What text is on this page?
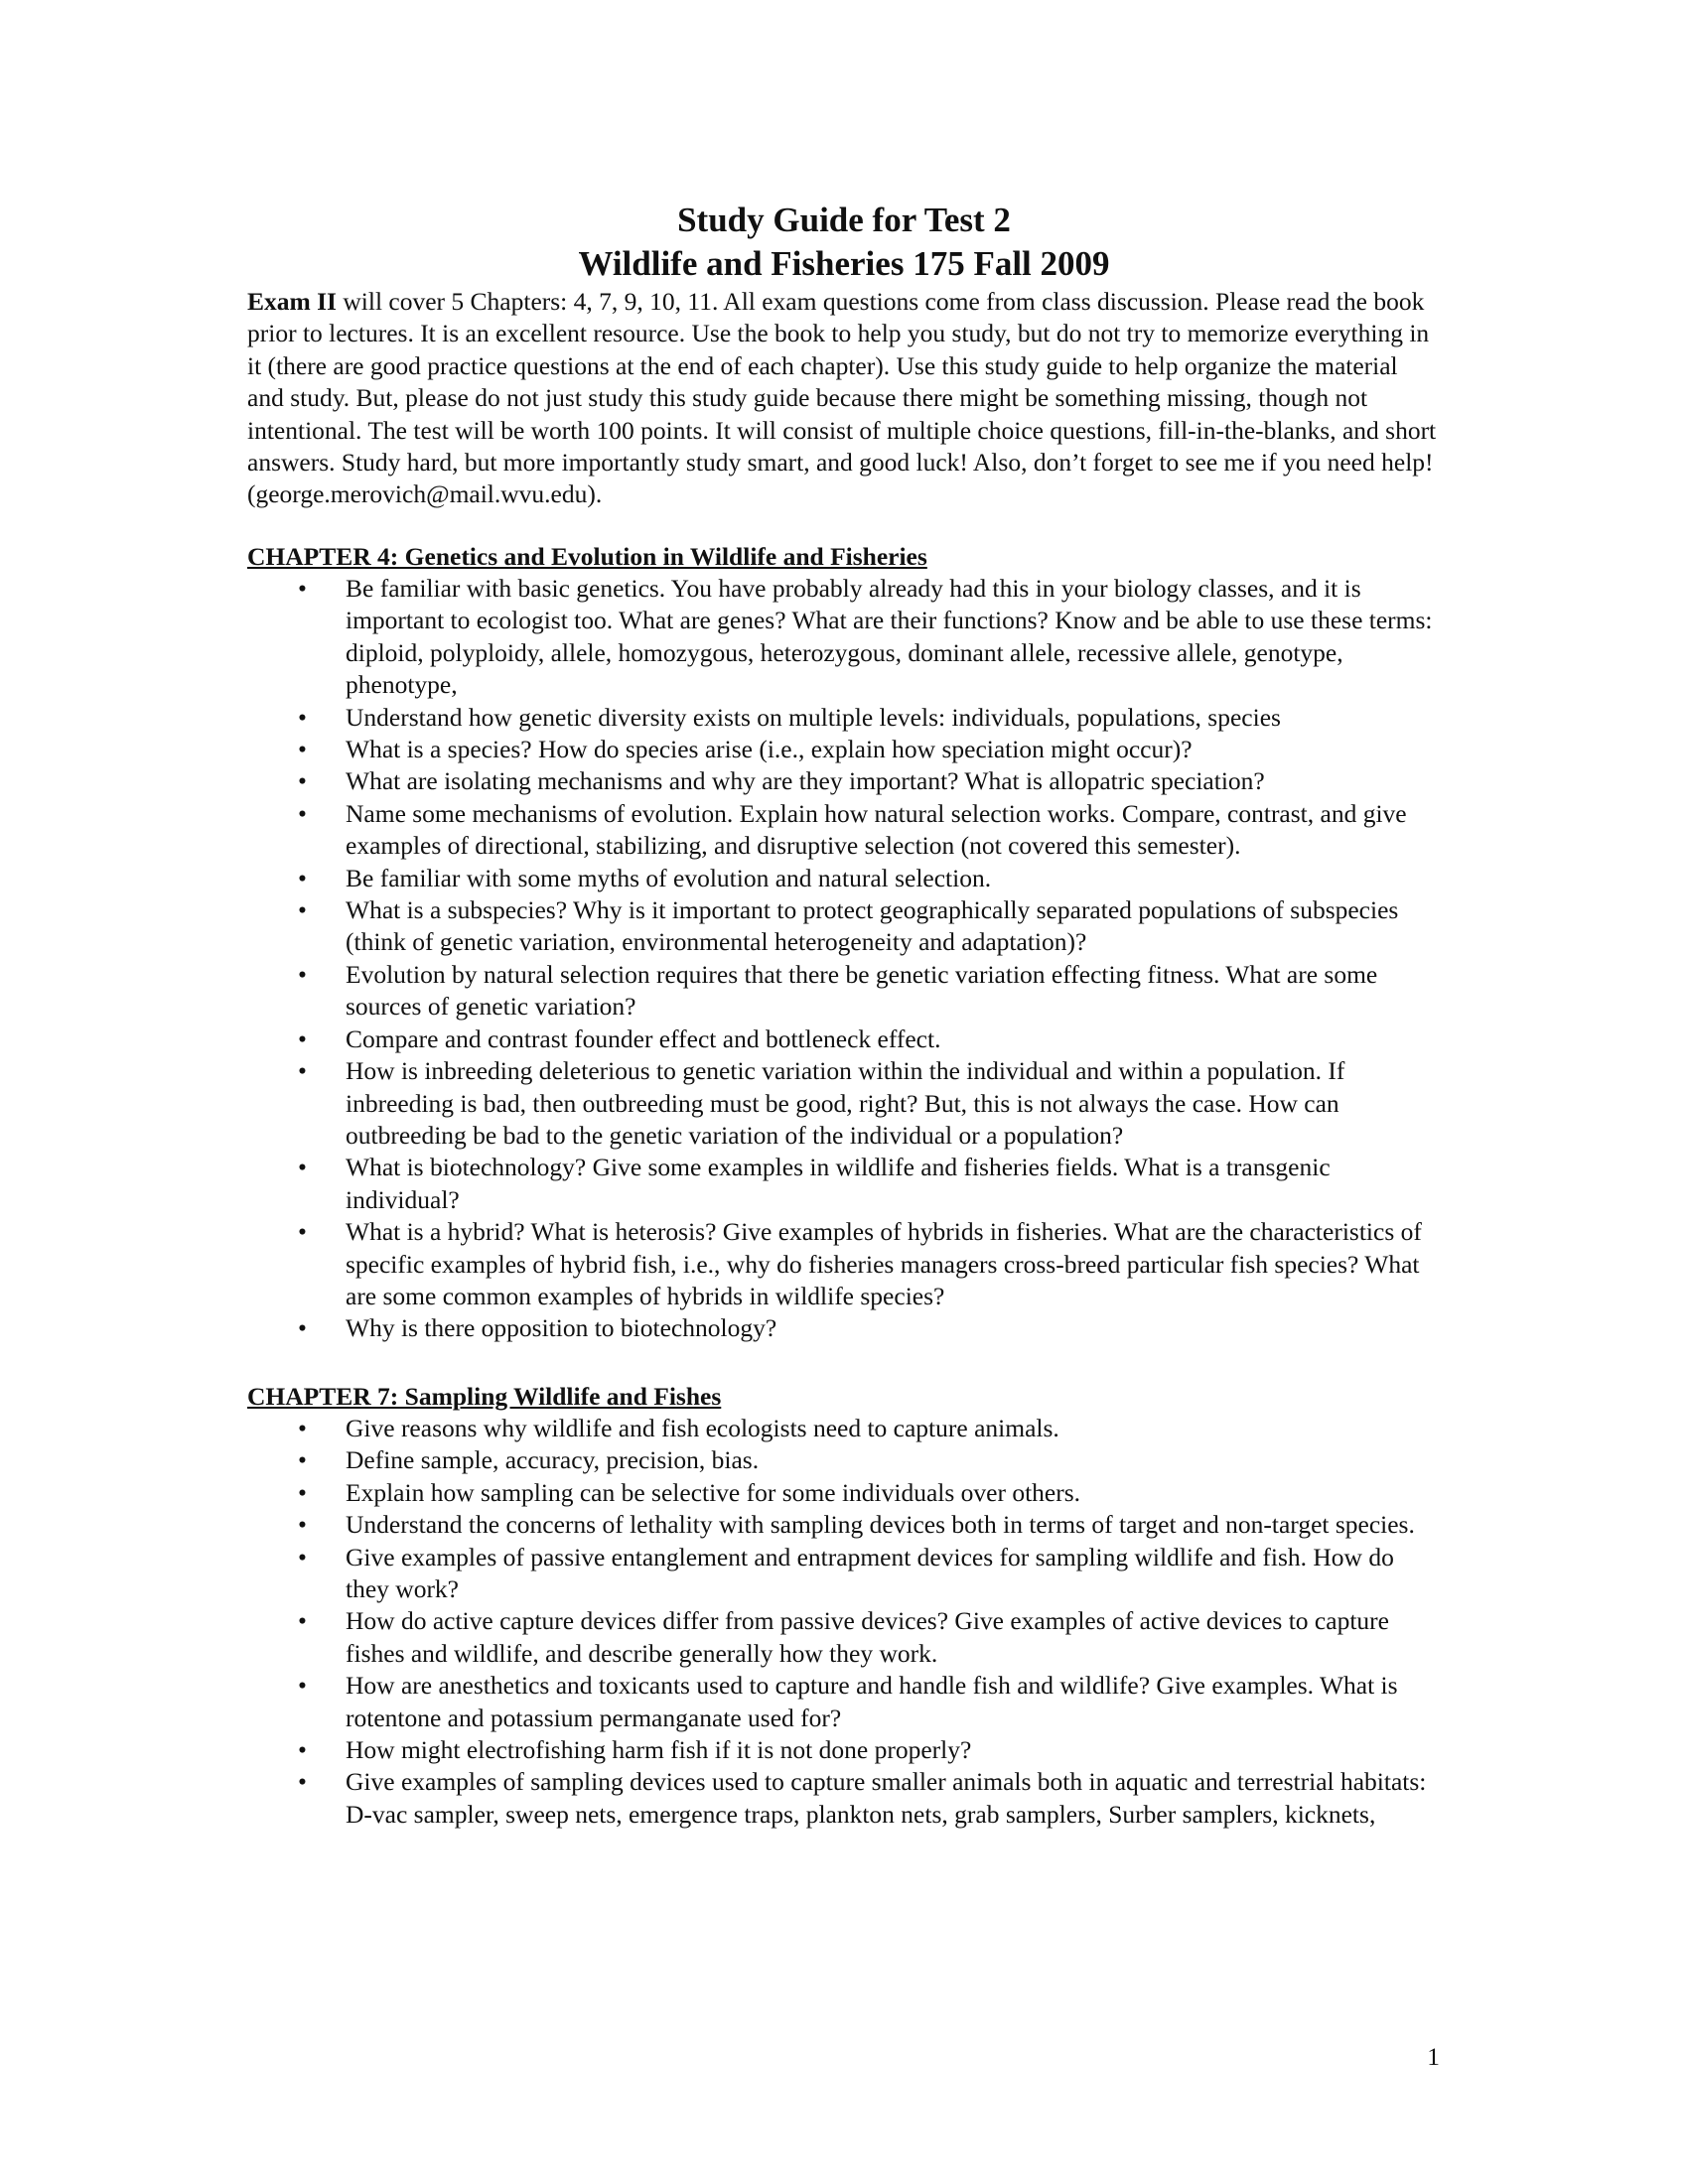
Study Guide for Test 2
Wildlife and Fisheries 175 Fall 2009
Exam II will cover 5 Chapters: 4, 7, 9, 10, 11. All exam questions come from class discussion. Please read the book prior to lectures. It is an excellent resource. Use the book to help you study, but do not try to memorize everything in it (there are good practice questions at the end of each chapter). Use this study guide to help organize the material and study. But, please do not just study this study guide because there might be something missing, though not intentional. The test will be worth 100 points. It will consist of multiple choice questions, fill-in-the-blanks, and short answers. Study hard, but more importantly study smart, and good luck! Also, don’t forget to see me if you need help! (george.merovich@mail.wvu.edu).
CHAPTER 4: Genetics and Evolution in Wildlife and Fisheries
•	Be familiar with basic genetics. You have probably already had this in your biology classes, and it is important to ecologist too. What are genes? What are their functions? Know and be able to use these terms: diploid, polyploidy, allele, homozygous, heterozygous, dominant allele, recessive allele, genotype, phenotype,
•	Understand how genetic diversity exists on multiple levels: individuals, populations, species
•	What is a species? How do species arise (i.e., explain how speciation might occur)?
•	What are isolating mechanisms and why are they important? What is allopatric speciation?
•	Name some mechanisms of evolution. Explain how natural selection works. Compare, contrast, and give examples of directional, stabilizing, and disruptive selection (not covered this semester).
•	Be familiar with some myths of evolution and natural selection.
•	What is a subspecies? Why is it important to protect geographically separated populations of subspecies (think of genetic variation, environmental heterogeneity and adaptation)?
•	Evolution by natural selection requires that there be genetic variation effecting fitness. What are some sources of genetic variation?
•	Compare and contrast founder effect and bottleneck effect.
•	How is inbreeding deleterious to genetic variation within the individual and within a population. If inbreeding is bad, then outbreeding must be good, right? But, this is not always the case. How can outbreeding be bad to the genetic variation of the individual or a population?
•	What is biotechnology? Give some examples in wildlife and fisheries fields. What is a transgenic individual?
•	What is a hybrid? What is heterosis? Give examples of hybrids in fisheries. What are the characteristics of specific examples of hybrid fish, i.e., why do fisheries managers cross-breed particular fish species? What are some common examples of hybrids in wildlife species?
•	Why is there opposition to biotechnology?
CHAPTER 7: Sampling Wildlife and Fishes
•	Give reasons why wildlife and fish ecologists need to capture animals.
•	Define sample, accuracy, precision, bias.
•	Explain how sampling can be selective for some individuals over others.
•	Understand the concerns of lethality with sampling devices both in terms of target and non-target species.
•	Give examples of passive entanglement and entrapment devices for sampling wildlife and fish. How do they work?
•	How do active capture devices differ from passive devices? Give examples of active devices to capture fishes and wildlife, and describe generally how they work.
•	How are anesthetics and toxicants used to capture and handle fish and wildlife? Give examples. What is rotentone and potassium permanganate used for?
•	How might electrofishing harm fish if it is not done properly?
•	Give examples of sampling devices used to capture smaller animals both in aquatic and terrestrial habitats: D-vac sampler, sweep nets, emergence traps, plankton nets, grab samplers, Surber samplers, kicknets,
1
